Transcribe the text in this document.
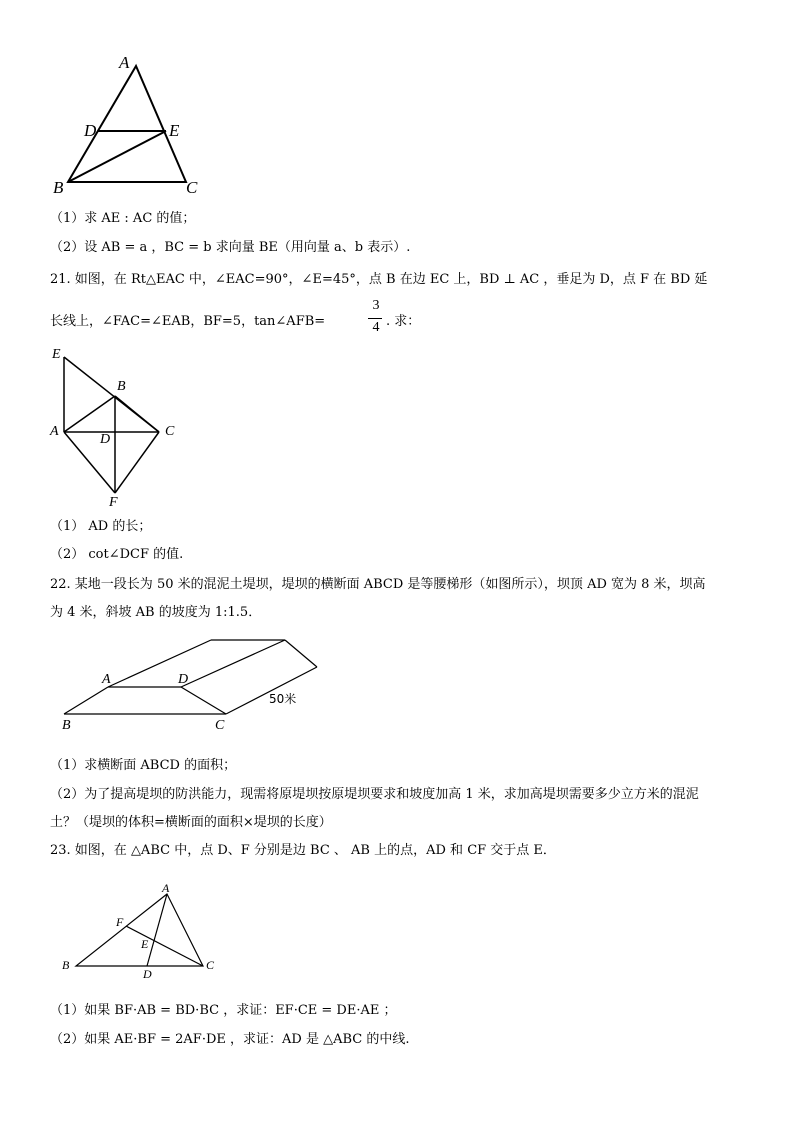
A
D	E
B	C
（1）求 AE : AC 的值；
（2）设 AB = a ，BC = b 求向量 BE（用向量 a、b 表示）.
21. 如图，在 Rt△EAC 中，∠EAC=90°，∠E=45°，点 B 在边 EC 上，BD ⊥ AC ，垂足为 D，点 F 在 BD 延
长线上，∠FAC=∠EAB，BF=5，tan∠AFB=
3
4 . 求：
E
B
A
D
C
F
（1） AD 的长；
（2） cot∠DCF 的值.
22. 某地一段长为 50 米的混泥土堤坝，堤坝的横断面 ABCD 是等腰梯形（如图所示），坝顶 AD 宽为 8 米，坝高
为 4 米，斜坡 AB 的坡度为 1:1.5．
A	D
B	C
50米
（1）求横断面 ABCD 的面积；
（2）为了提高堤坝的防洪能力，现需将原堤坝按原堤坝要求和坡度加高 1 米，求加高堤坝需要多少立方米的混泥
土？（堤坝的体积=横断面的面积×堤坝的长度）
23. 如图，在 △ABC 中，点 D、F 分别是边 BC 、 AB 上的点，AD 和 CF 交于点 E．
A
F
E
B
D
C
（1）如果 BF·AB = BD·BC ，求证：EF·CE = DE·AE ；
（2）如果 AE·BF = 2AF·DE ，求证：AD 是 △ABC 的中线.
